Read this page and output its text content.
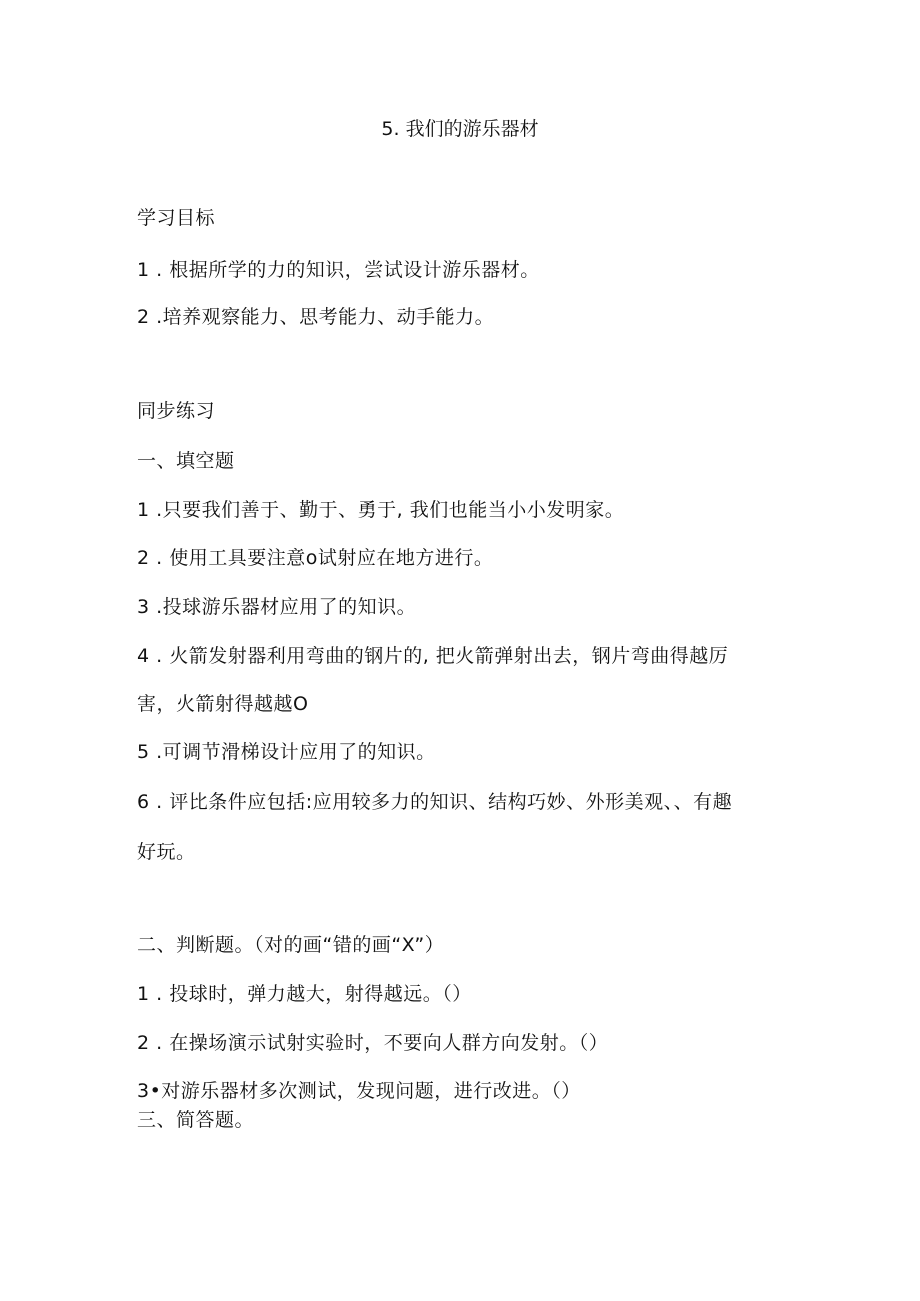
5. 我们的游乐器材
学习目标
1 . 根据所学的力的知识，尝试设计游乐器材。
2 .培养观察能力、思考能力、动手能力。
同步练习
一、填空题
1 .只要我们善于、勤于、勇于, 我们也能当小小发明家。
2 . 使用工具要注意o试射应在地方进行。
3 .投球游乐器材应用了的知识。
4 . 火箭发射器利用弯曲的钢片的, 把火箭弹射出去，钢片弯曲得越厉
害，火箭射得越越O
5 .可调节滑梯设计应用了的知识。
6 . 评比条件应包括:应用较多力的知识、结构巧妙、外形美观、、有趣
好玩。
二、判断题。（对的画“错的画“X”）
1 . 投球时，弹力越大，射得越远。（）
2 . 在操场演示试射实验时，不要向人群方向发射。（）
3•对游乐器材多次测试，发现问题，进行改进。（）
三、简答题。
